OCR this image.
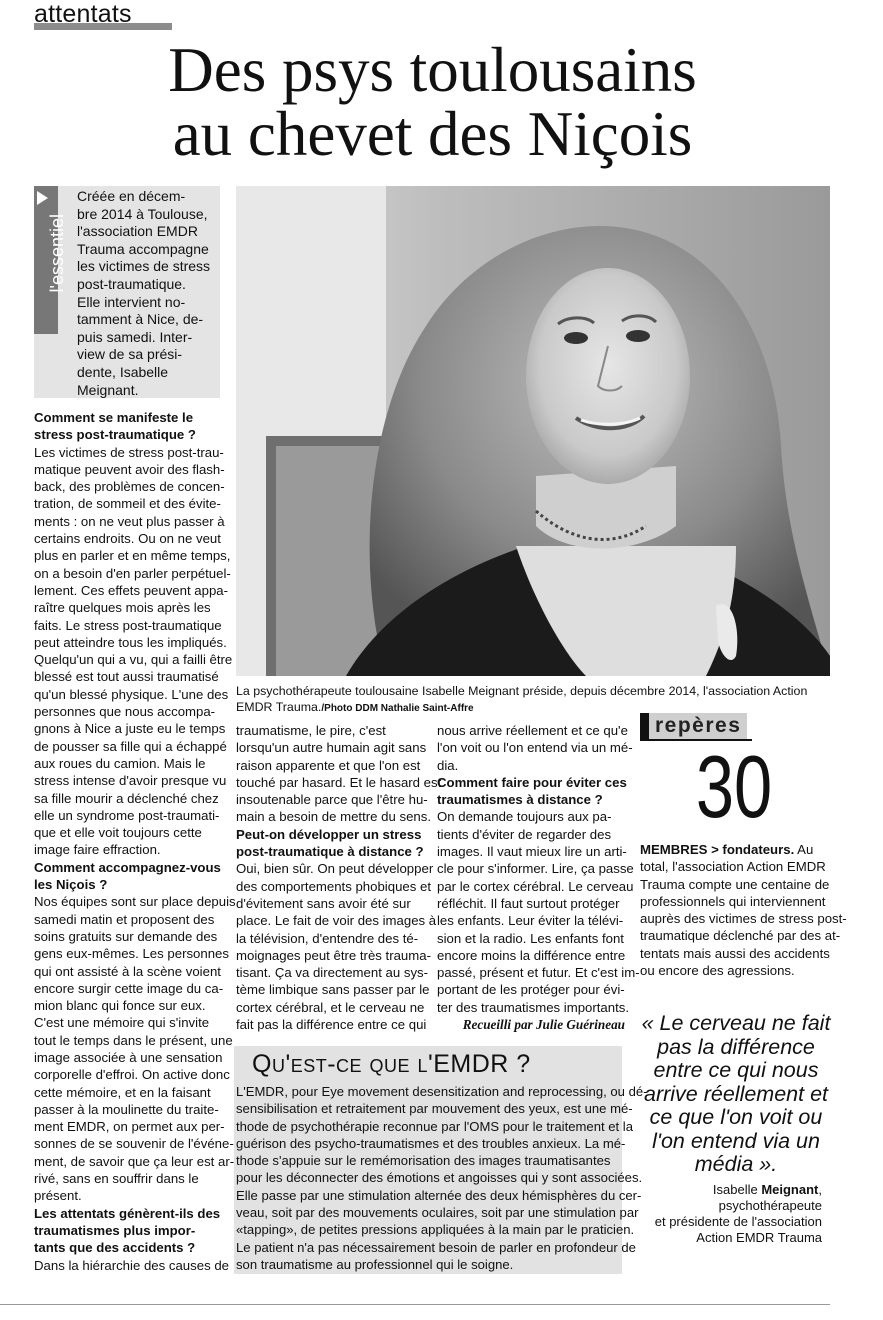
attentats
Des psys toulousains
au chevet des Niçois
l'essentiel
Créée en décem-
bre 2014 à Toulouse,
l'association EMDR
Trauma accompagne
les victimes de stress
post-traumatique.
Elle intervient no-
tamment à Nice, de-
puis samedi. Inter-
view de sa prési-
dente, Isabelle
Meignant.
La psychothérapeute toulousaine Isabelle Meignant préside, depuis décembre 2014, l'association Action EMDR Trauma./Photo DDM Nathalie Saint-Affre

Comment se manifeste le
stress post-traumatique ?

Les victimes de stress post-trau-
matique peuvent avoir des flash-
back, des problèmes de concen-
tration, de sommeil et des évite-
ments : on ne veut plus passer à
certains endroits. Ou on ne veut
plus en parler et en même temps,
on a besoin d'en parler perpétuel-
lement. Ces effets peuvent appa-
raître quelques mois après les
faits. Le stress post-traumatique
peut atteindre tous les impliqués.
Quelqu'un qui a vu, qui a failli être
blessé est tout aussi traumatisé
qu'un blessé physique. L'une des
personnes que nous accompa-
gnons à Nice a juste eu le temps
de pousser sa fille qui a échappé
aux roues du camion. Mais le
stress intense d'avoir presque vu
sa fille mourir a déclenché chez
elle un syndrome post-traumati-
que et elle voit toujours cette
image faire effraction.

Comment accompagnez-vous
les Niçois ?

Nos équipes sont sur place depuis
samedi matin et proposent des
soins gratuits sur demande des
gens eux-mêmes. Les personnes
qui ont assisté à la scène voient
encore surgir cette image du ca-
mion blanc qui fonce sur eux.
C'est une mémoire qui s'invite
tout le temps dans le présent, une
image associée à une sensation
corporelle d'effroi. On active donc
cette mémoire, et en la faisant
passer à la moulinette du traite-
ment EMDR, on permet aux per-
sonnes de se souvenir de l'événe-
ment, de savoir que ça leur est ar-
rivé, sans en souffrir dans le
présent.

Les attentats génèrent-ils des
traumatismes plus impor-
tants que des accidents ?

Dans la hiérarchie des causes de

traumatisme, le pire, c'est
lorsqu'un autre humain agit sans
raison apparente et que l'on est
touché par hasard. Et le hasard est
insoutenable parce que l'être hu-
main a besoin de mettre du sens.

Peut-on développer un stress
post-traumatique à distance ?

Oui, bien sûr. On peut développer
des comportements phobiques et
d'évitement sans avoir été sur
place. Le fait de voir des images à
la télévision, d'entendre des té-
moignages peut être très trauma-
tisant. Ça va directement au sys-
tème limbique sans passer par le
cortex cérébral, et le cerveau ne
fait pas la différence entre ce qui

nous arrive réellement et ce qu'e
l'on voit ou l'on entend via un mé-
dia.

Comment faire pour éviter ces
traumatismes à distance ?

On demande toujours aux pa-
tients d'éviter de regarder des
images. Il vaut mieux lire un arti-
cle pour s'informer. Lire, ça passe
par le cortex cérébral. Le cerveau
réfléchit. Il faut surtout protéger
les enfants. Leur éviter la télévi-
sion et la radio. Les enfants font
encore moins la différence entre
passé, présent et futur. Et c'est im-
portant de les protéger pour évi-
ter des traumatismes importants.

Recueilli par Julie Guérineau
repères
30
MEMBRES > fondateurs. Au
total, l'association Action EMDR
Trauma compte une centaine de
professionnels qui interviennent
auprès des victimes de stress post-
traumatique déclenché par des at-
tentats mais aussi des accidents
ou encore des agressions.
« Le cerveau ne fait
pas la différence
entre ce qui nous
arrive réellement et
ce que l'on voit ou
l'on entend via un
média ».
Isabelle Meignant,
psychothérapeute
et présidente de l'association
Action EMDR Trauma
Qu'est-ce que l'EMDR ?
L'EMDR, pour Eye movement desensitization and reprocessing, ou dé-
sensibilisation et retraitement par mouvement des yeux, est une mé-
thode de psychothérapie reconnue par l'OMS pour le traitement et la
guérison des psycho-traumatismes et des troubles anxieux. La mé-
thode s'appuie sur le remémorisation des images traumatisantes
pour les déconnecter des émotions et angoisses qui y sont associées.
Elle passe par une stimulation alternée des deux hémisphères du cer-
veau, soit par des mouvements oculaires, soit par une stimulation par
«tapping», de petites pressions appliquées à la main par le praticien.
Le patient n'a pas nécessairement besoin de parler en profondeur de
son traumatisme au professionnel qui le soigne.
